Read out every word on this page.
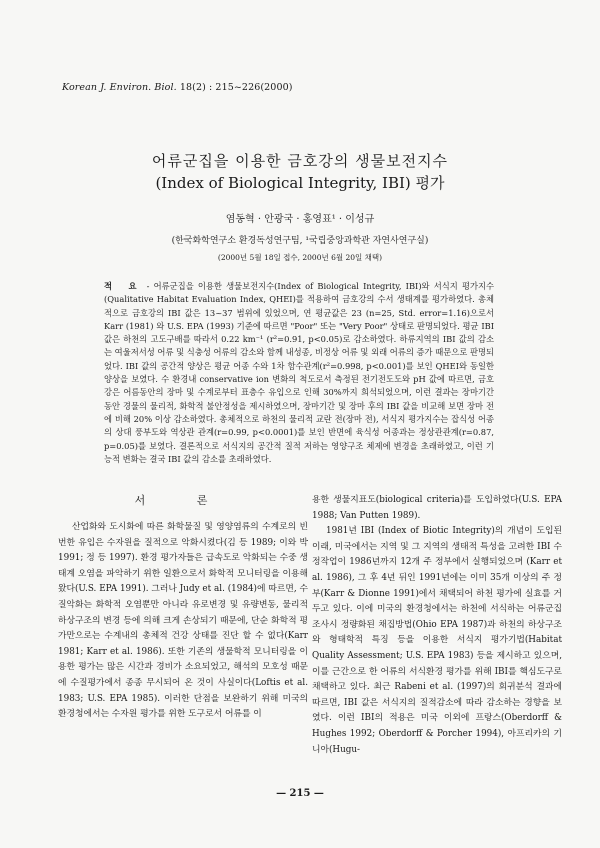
Korean J. Environ. Biol. 18(2) : 215~226(2000)
어류군집을 이용한 금호강의 생물보전지수
(Index of Biological Integrity, IBI) 평가
염동혁 · 안광국 · 홍영표¹ · 이성규
(한국화학연구소 환경독성연구팀, ¹국립중앙과학관 자연사연구실)
(2000년 5월 18일 접수, 2000년 6월 20일 채택)

적 요 - 어류군집을 이용한 생물보전지수(Index of Biological Integrity, IBI)와 서식지 평가지수 (Qualitative Habitat Evaluation Index, QHEI)를 적용하여 금호강의 수서 생태계를 평가하였다. 총체적으로 금호강의 IBI 값은 13~37 범위에 있었으며, 연 평균값은 23 (n=25, Std. error=1.16)으로서 Karr (1981) 와 U.S. EPA (1993) 기준에 따르면 "Poor" 또는 "Very Poor" 상태로 판명되었다. 평균 IBI 값은 하천의 고도구배를 따라서 0.22 km⁻¹ (r²=0.91, p<0.05)로 감소하였다. 하류지역의 IBI 값의 감소는 여울저서성 어류 및 식충성 어류의 감소와 함께 내성종, 비정상 어류 및 외래 어류의 증가 때문으로 판명되었다. IBI 값의 공간적 양상은 평균 어종 수와 1차 함수관계(r²=0.998, p<0.001)를 보인 QHEI와 동일한 양상을 보였다. 수 환경내 conservative ion 변화의 척도로서 측정된 전기전도도와 pH 값에 따르면, 금호강은 어름동안의 장마 및 수계로부터 표층수 유입으로 인해 30%까지 희석되었으며, 이런 결과는 장마기간 동안 경물의 물리적, 화학적 불안정성을 제시하였으며, 장마기간 및 장마 후의 IBI 값을 비교해 보면 장마 전에 비해 20% 이상 감소하였다. 총체적으로 하천의 물리적 교란 전(장마 전), 서식지 평가지수는 잡식성 어종의 상대 풍부도와 역상관 관계(r=0.99, p<0.0001)를 보인 반면에 육식성 어종과는 정상관관계(r=0.87, p=0.05)를 보였다. 결론적으로 서식지의 공간적 질적 저하는 영양구조 체제에 변경을 초래하였고, 이런 기능적 변화는 결국 IBI 값의 감소를 초래하였다.

서 론

산업화와 도시화에 따른 화학물질 및 영양염류의 수계로의 빈번한 유입은 수자원을 질적으로 악화시켰다(김 등 1989; 이와 박 1991; 정 등 1997). 환경 평가자들은 급속도로 악화되는 수중 생태계 오염을 파악하기 위한 일환으로서 화학적 모니터링을 이용해 왔다(U.S. EPA 1991). 그러나 Judy et al. (1984)에 따르면, 수질악화는 화학적 오염뿐만 아니라 유로변경 및 유량변동, 물리적 하상구조의 변경 등에 의해 크게 손상되기 때문에, 단순 화학적 평가만으로는 수계내의 총체적 건강 상태를 진단 할 수 없다(Karr 1981; Karr et al. 1986). 또한 기존의 생물학적 모니터링을 이용한 평가는 많은 시간과 경비가 소요되었고, 해석의 모호성 때문에 수질평가에서 종종 무시되어 온 것이 사실이다(Loftis et al. 1983; U.S. EPA 1985). 이러한 단점을 보완하기 위해 미국의 환경청에서는 수자원 평가를 위한 도구로서 어류를 이

용한 생물지표도(biological criteria)를 도입하였다(U.S. EPA 1988; Van Putten 1989).

1981년 IBI (Index of Biotic Integrity)의 개념이 도입된 이래, 미국에서는 지역 및 그 지역의 생태적 특성을 고려한 IBI 수정작업이 1986년까지 12개 주 정부에서 실행되었으며 (Karr et al. 1986), 그 후 4년 뒤인 1991년에는 이미 35개 이상의 주 정부(Karr & Dionne 1991)에서 채택되어 하천 평가에 실효를 거두고 있다. 이에 미국의 환경청에서는 하천에 서식하는 어류군집 조사시 정량화된 채집방법(Ohio EPA 1987)과 하천의 하상구조와 형태학적 특징 등을 이용한 서식지 평가기법(Habitat Quality Assessment; U.S. EPA 1983) 등을 제시하고 있으며, 이를 근간으로 한 어류의 서식환경 평가를 위해 IBI를 핵심도구로 채택하고 있다. 최근 Rabeni et al. (1997)의 회귀분석 결과에 따르면, IBI 값은 서식지의 질적감소에 따라 감소하는 경향을 보였다. 이런 IBI의 적용은 미국 이외에 프랑스(Oberdorff & Hughes 1992; Oberdorff & Porcher 1994), 아프리카의 기니아(Hugu-

— 215 —
